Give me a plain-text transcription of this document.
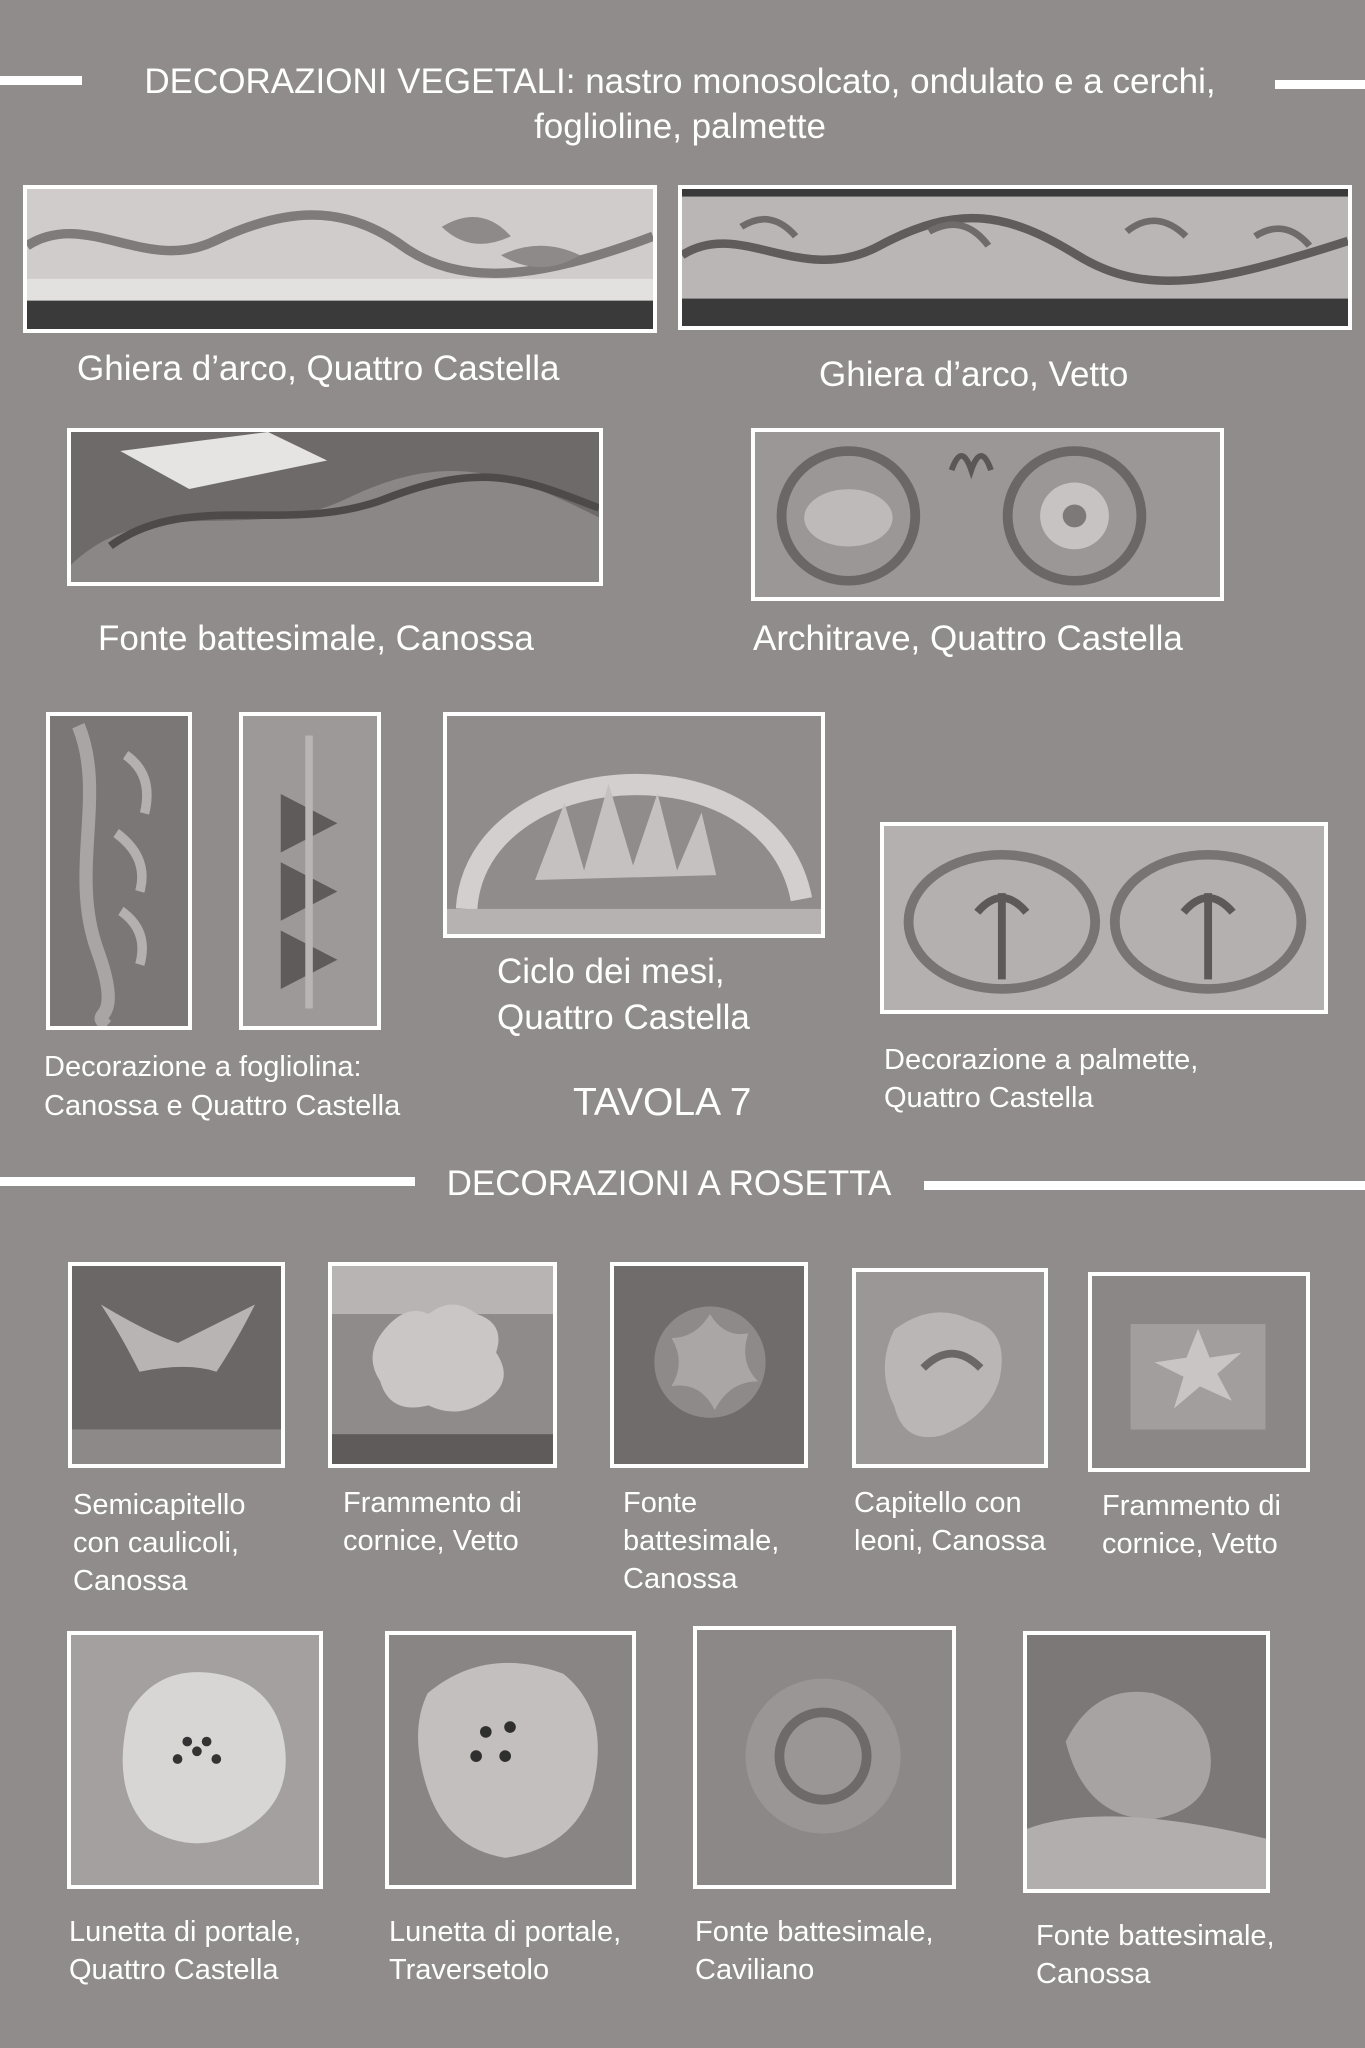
DECORAZIONI VEGETALI: nastro monosolcato, ondulato e a cerchi,
foglioline, palmette
Ghiera d’arco, Quattro Castella	Ghiera d’arco, Vetto
Fonte battesimale, Canossa	Architrave, Quattro Castella
Ciclo dei mesi,
Quattro Castella
Decorazione a fogliolina:
Canossa e Quattro Castella
Decorazione a palmette,
Quattro Castella
TAVOLA 7
DECORAZIONI A ROSETTA
Semicapitello
con caulicoli,
Canossa
Frammento di
cornice, Vetto
Fonte
battesimale,
Canossa
Capitello con
leoni, Canossa
Frammento di
cornice, Vetto
Lunetta di portale,
Quattro Castella
Lunetta di portale,
Traversetolo
Fonte battesimale,
Caviliano
Fonte battesimale,
Canossa
